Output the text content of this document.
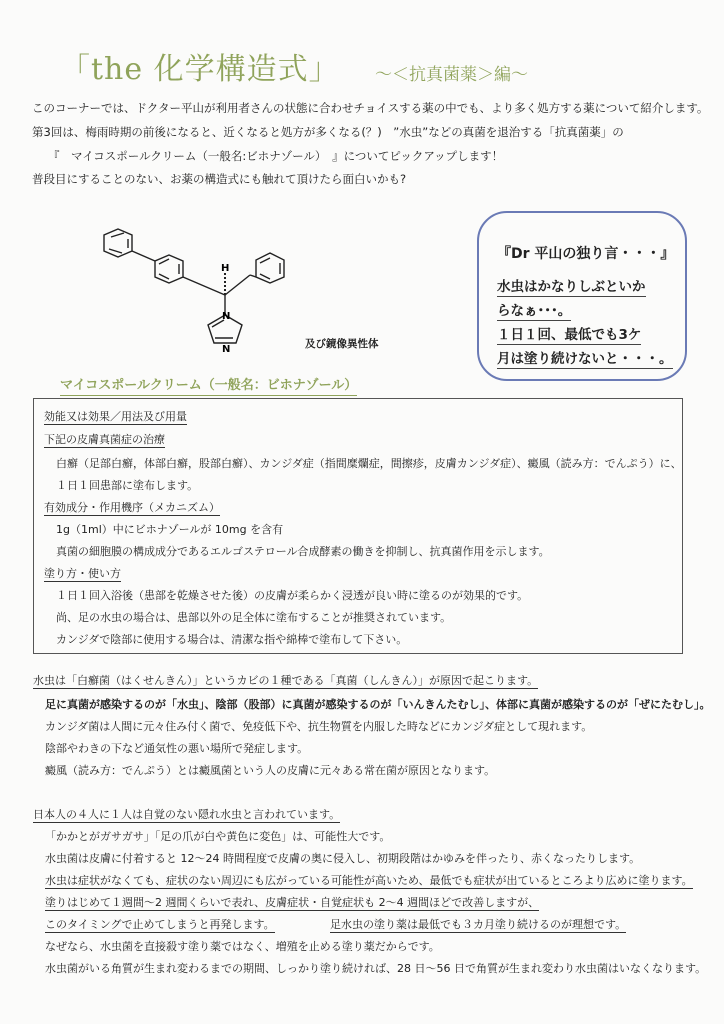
「the 化学構造式」 ～＜抗真菌薬＞編～
このコーナーでは、ドクター平山が利用者さんの状態に合わせチョイスする薬の中でも、より多く処方する薬について紹介します。
第3回は、梅雨時期の前後になると、近くなると処方が多くなる(？)　”水虫”などの真菌を退治する「抗真菌薬」の
『　マイコスポールクリーム（一般名:ビホナゾール）　』についてピックアップします！
普段目にすることのない、お薬の構造式にも触れて頂けたら面白いかも?
H
N
N	及び鏡像異性体
『Dr 平山の独り言・・・』
水虫はかなりしぶといか
らなぁ･･･。
１日１回、最低でも3ケ
月は塗り続けないと・・・。
マイコスポールクリーム（一般名：ビホナゾール）
効能又は効果／用法及び用量
下記の皮膚真菌症の治療
白癬（足部白癬，体部白癬，股部白癬）、カンジダ症（指間糜爛症，間擦疹，皮膚カンジダ症）、癜風（読み方：でんぷう）に、
１日１回患部に塗布します。
有効成分・作用機序（メカニズム）
1g（1ml）中にビホナゾールが 10mg を含有
真菌の細胞膜の構成成分であるエルゴステロール合成酵素の働きを抑制し、抗真菌作用を示します。
塗り方・使い方
１日１回入浴後（患部を乾燥させた後）の皮膚が柔らかく浸透が良い時に塗るのが効果的です。
尚、足の水虫の場合は、患部以外の足全体に塗布することが推奨されています。
カンジダで陰部に使用する場合は、清潔な指や綿棒で塗布して下さい。
水虫は「白癬菌（はくせんきん）」というカビの１種である「真菌（しんきん）」が原因で起こります。
足に真菌が感染するのが「水虫」、陰部（股部）に真菌が感染するのが「いんきんたむし」、体部に真菌が感染するのが「ぜにたむし」。
カンジダ菌は人間に元々住み付く菌で、免疫低下や、抗生物質を内服した時などにカンジダ症として現れます。
陰部やわきの下など通気性の悪い場所で発症します。
癜風（読み方：でんぷう）とは癜風菌という人の皮膚に元々ある常在菌が原因となります。
日本人の４人に１人は自覚のない隠れ水虫と言われています。
「かかとがガサガサ」「足の爪が白や黄色に変色」は、可能性大です。
水虫菌は皮膚に付着すると 12～24 時間程度で皮膚の奥に侵入し、初期段階はかゆみを伴ったり、赤くなったりします。
水虫は症状がなくても、症状のない周辺にも広がっている可能性が高いため、最低でも症状が出ているところより広めに塗ります。
塗りはじめて１週間～2 週間くらいで表れ、皮膚症状・自覚症状も 2～4 週間ほどで改善しますが、
このタイミングで止めてしまうと再発します。	足水虫の塗り薬は最低でも３カ月塗り続けるのが理想です。
なぜなら、水虫菌を直接殺す塗り薬ではなく、増殖を止める塗り薬だからです。
水虫菌がいる角質が生まれ変わるまでの期間、しっかり塗り続ければ、28 日～56 日で角質が生まれ変わり水虫菌はいなくなります。
